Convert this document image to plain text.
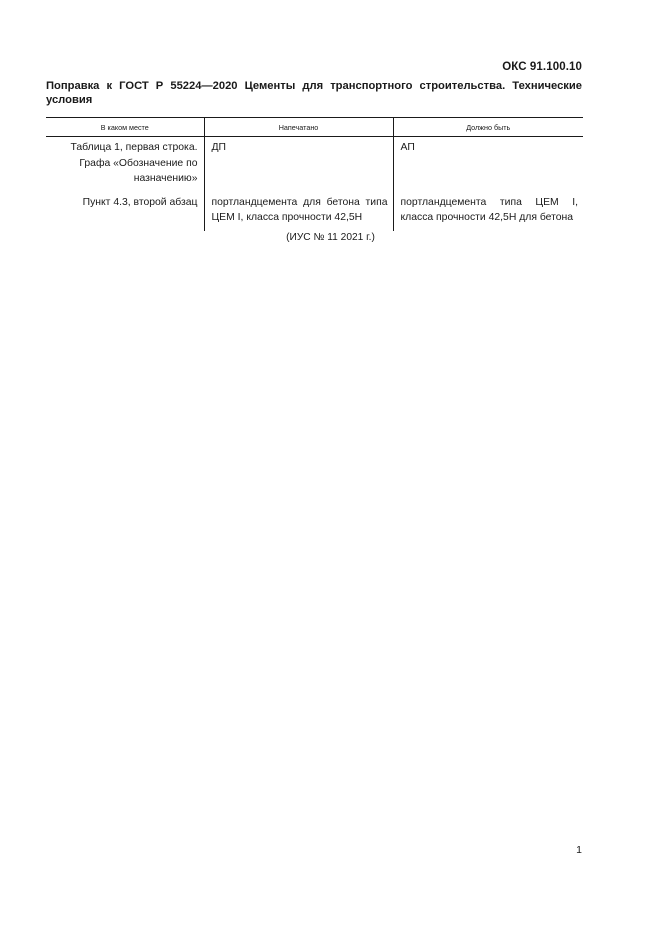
ОКС 91.100.10
Поправка к ГОСТ Р 55224—2020 Цементы для транспортного строительства. Технические условия
В каком месте	Напечатано	Должно быть
Таблица 1, первая строка. Графа «Обозначение по назначению»	ДП	АП
Пункт 4.3, второй абзац	портландцемента для бетона типа ЦЕМ I, класса прочности 42,5Н	портландцемента типа ЦЕМ I, класса прочности 42,5Н для бетона
(ИУС № 11 2021 г.)
1
